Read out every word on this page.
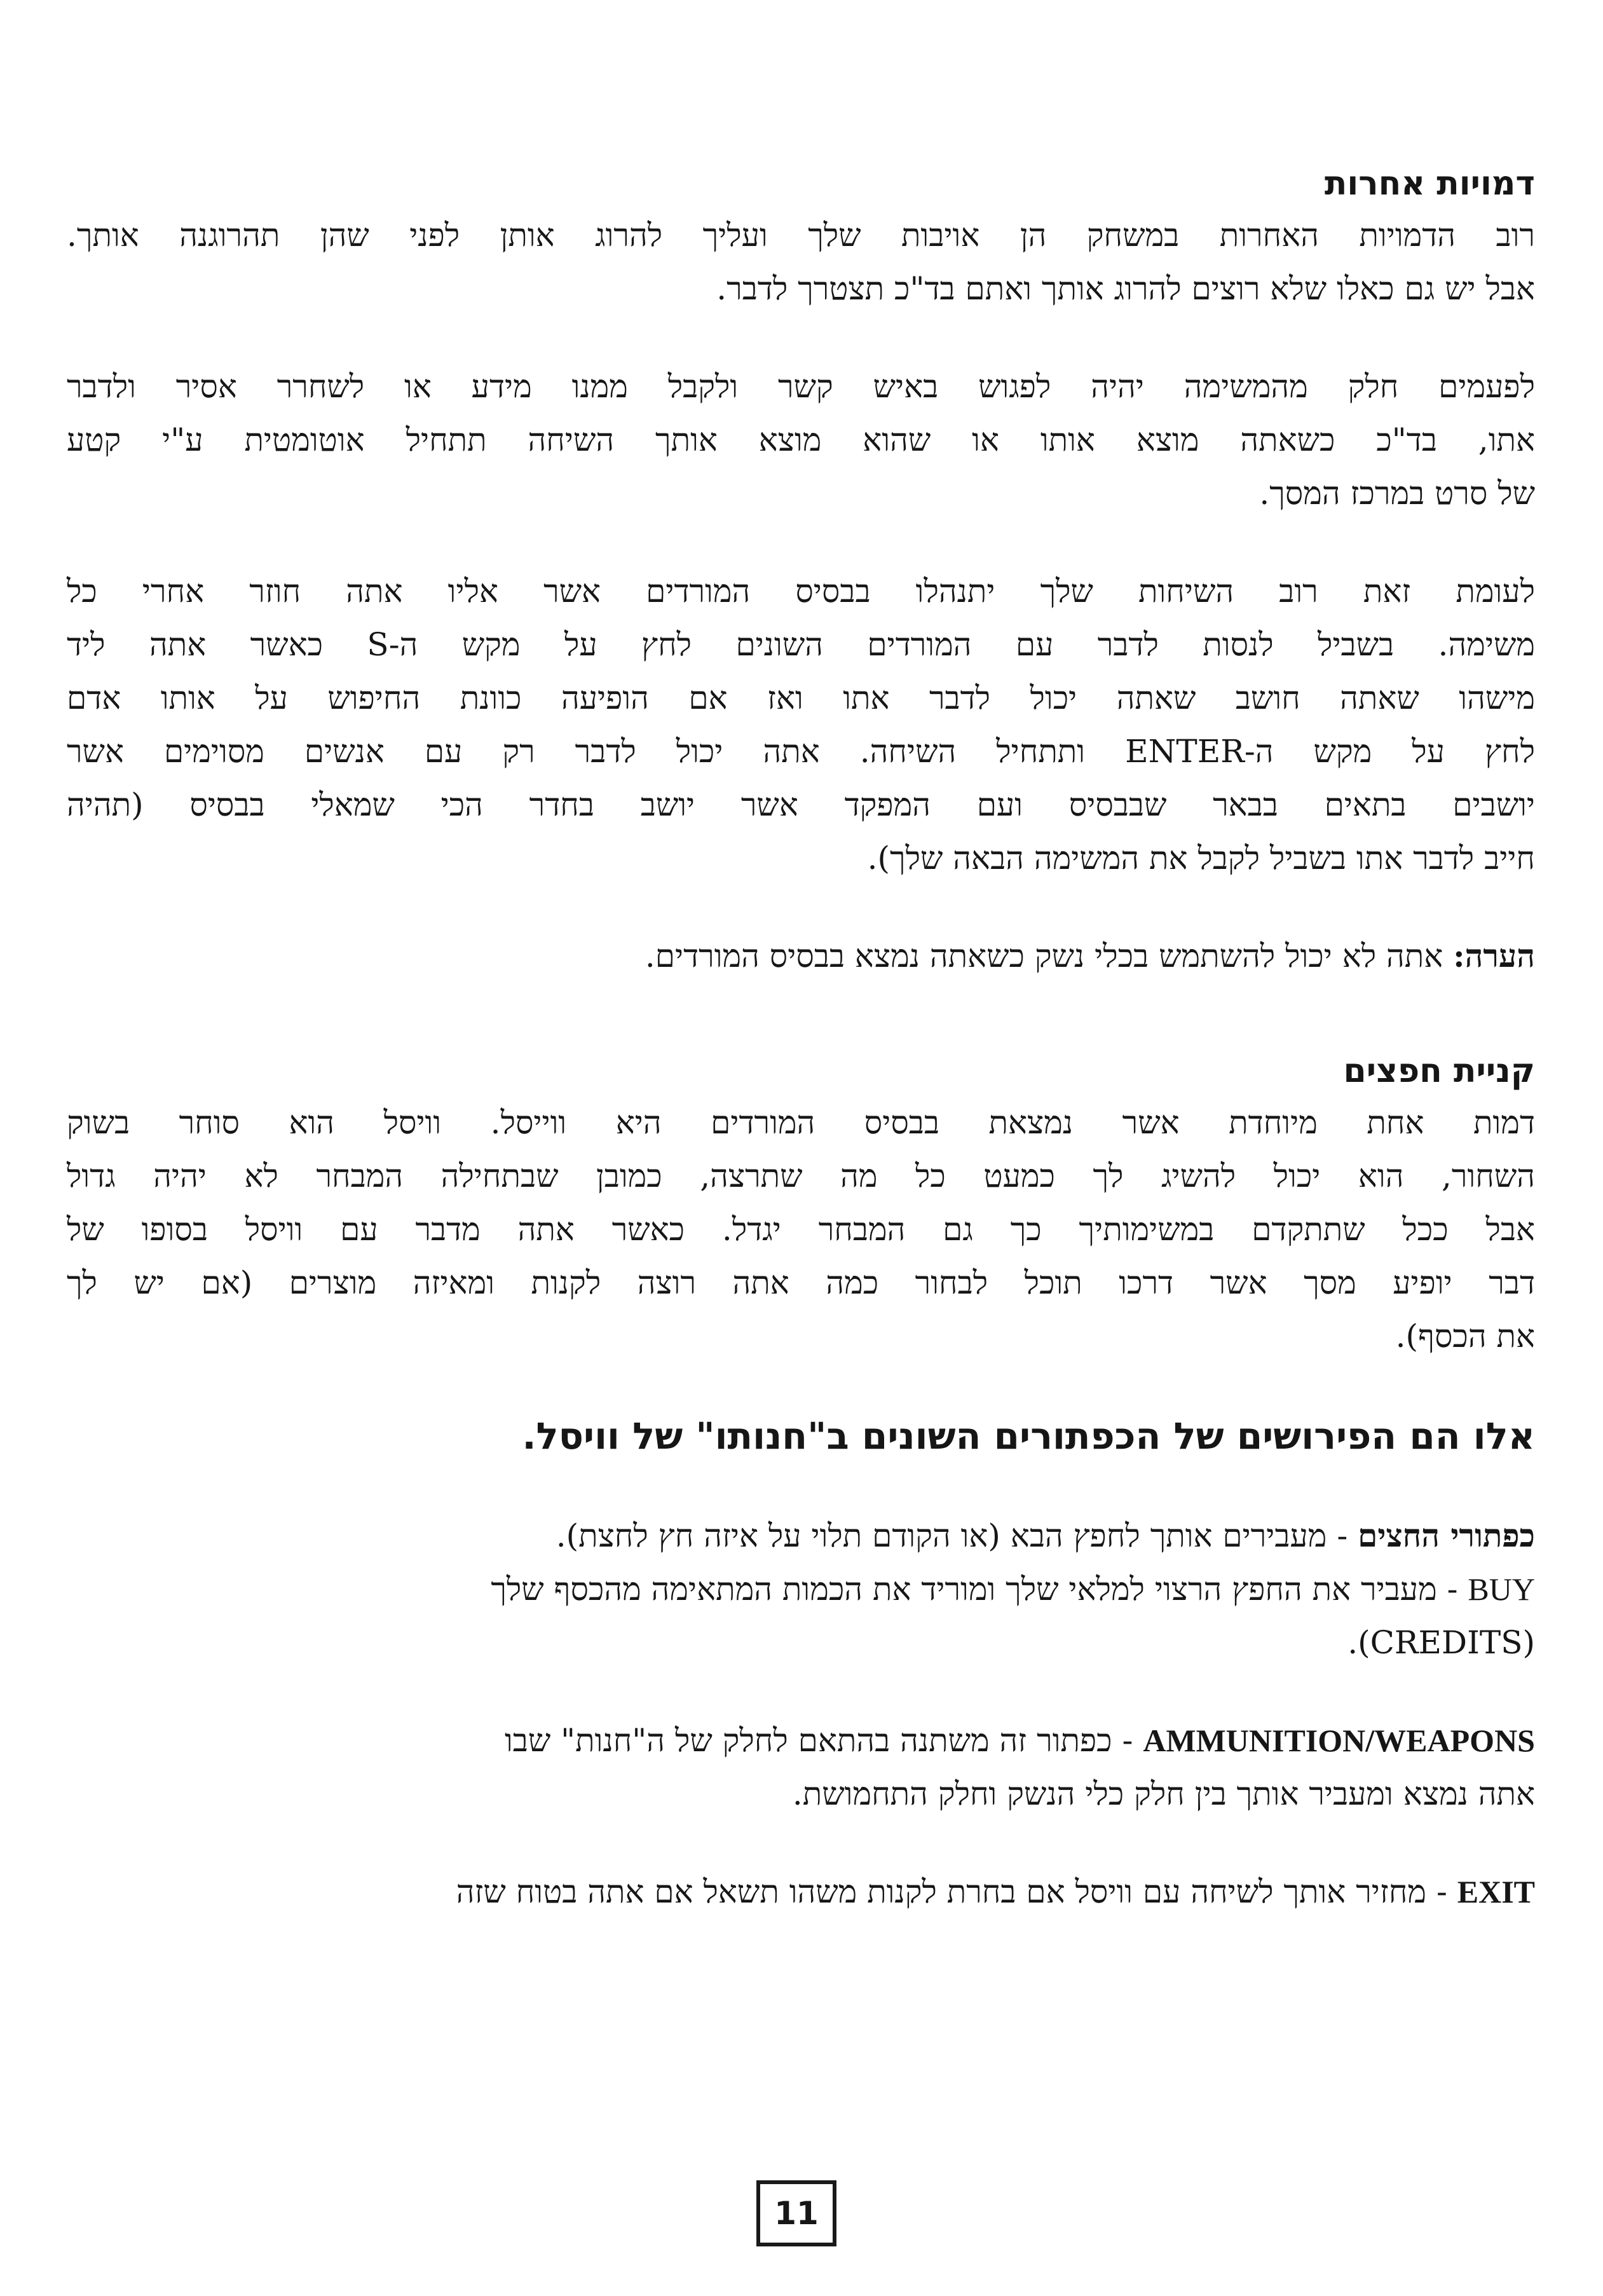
דמויות אחרות

רוב הדמויות האחרות במשחק הן אויבות שלך ועליך להרוג אותן לפני שהן תהרוגנה אותך.

אבל יש גם כאלו שלא רוצים להרוג אותך ואתם בד"כ תצטרך לדבר.

לפעמים חלק מהמשימה יהיה לפגוש באיש קשר ולקבל ממנו מידע או לשחרר אסיר ולדבר

אתו, בד"כ כשאתה מוצא אותו או שהוא מוצא אותך השיחה תתחיל אוטומטית ע"י קטע

של סרט במרכז המסך.

לעומת זאת רוב השיחות שלך יתנהלו בבסיס המורדים אשר אליו אתה חוזר אחרי כל

משימה. בשביל לנסות לדבר עם המורדים השונים לחץ על מקש ה-S כאשר אתה ליד

מישהו שאתה חושב שאתה יכול לדבר אתו ואז אם הופיעה כוונת החיפוש על אותו אדם

לחץ על מקש ה-ENTER ותתחיל השיחה. אתה יכול לדבר רק עם אנשים מסוימים אשר

יושבים בתאים בבאר שבבסיס ועם המפקד אשר יושב בחדר הכי שמאלי בבסיס (תהיה

חייב לדבר אתו בשביל לקבל את המשימה הבאה שלך).

הערה: אתה לא יכול להשתמש בכלי נשק כשאתה נמצא בבסיס המורדים.

קניית חפצים

דמות אחת מיוחדת אשר נמצאת בבסיס המורדים היא ווייסל. וויסל הוא סוחר בשוק

השחור, הוא יכול להשיג לך כמעט כל מה שתרצה, כמובן שבתחילה המבחר לא יהיה גדול

אבל ככל שתתקדם במשימותיך כך גם המבחר יגדל. כאשר אתה מדבר עם וויסל בסופו של

דבר יופיע מסך אשר דרכו תוכל לבחור כמה אתה רוצה לקנות ומאיזה מוצרים (אם יש לך

את הכסף).

אלו הם הפירושים של הכפתורים השונים ב"חנותו" של וויסל.

כפתורי החצים - מעבירים אותך לחפץ הבא (או הקודם תלוי על איזה חץ לחצת).

BUY - מעביר את החפץ הרצוי למלאי שלך ומוריד את הכמות המתאימה מהכסף שלך

(CREDITS).

AMMUNITION/WEAPONS - כפתור זה משתנה בהתאם לחלק של ה"חנות" שבו

אתה נמצא ומעביר אותך בין חלק כלי הנשק וחלק התחמושת.

EXIT - מחזיר אותך לשיחה עם וויסל אם בחרת לקנות משהו תשאל אם אתה בטוח שזה

11
